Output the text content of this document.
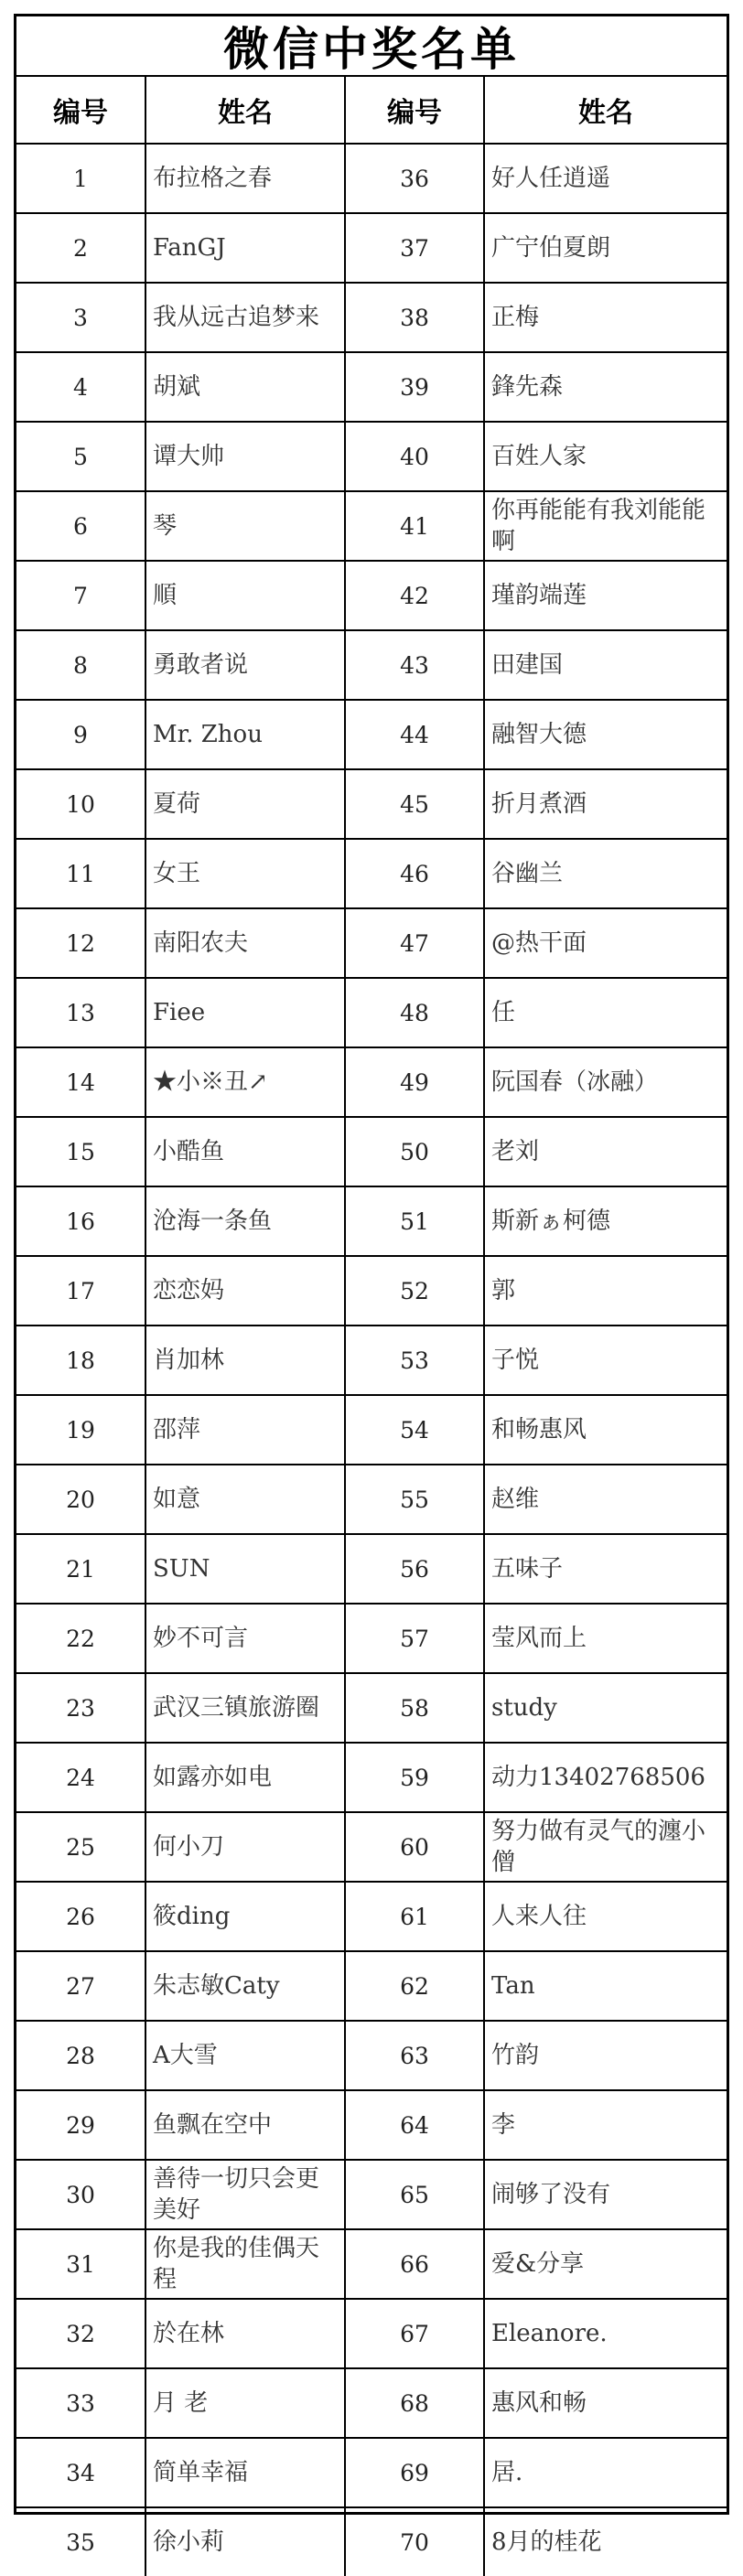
微信中奖名单
编号	姓名	编号	姓名
1	布拉格之春	36	好人任逍遥
2	FanGJ	37	广宁伯夏朗
3	我从远古追梦来	38	正梅
4	胡斌	39	鋒先森
5	谭大帅	40	百姓人家
6	琴	41	你再能能有我刘能能啊
7	順	42	瑾韵端莲
8	勇敢者说	43	田建国
9	Mr. Zhou	44	融智大德
10	夏荷	45	折月煮酒
11	女王	46	谷幽兰
12	南阳农夫	47	@热干面
13	Fiee	48	任
14	★小※丑↗	49	阮国春（冰融）
15	小酷鱼	50	老刘
16	沧海一条鱼	51	斯新ぁ柯德
17	恋恋妈	52	郭
18	肖加林	53	子悦
19	邵萍	54	和畅惠风
20	如意	55	赵维
21	SUN	56	五味子
22	妙不可言	57	莹风而上
23	武汉三镇旅游圈	58	study
24	如露亦如电	59	动力13402768506
25	何小刀	60	努力做有灵气的瀍小僧
26	筱ding	61	人来人往
27	朱志敏Caty	62	Tan
28	A大雪	63	竹韵
29	鱼飘在空中	64	李
30	善待一切只会更美好	65	闹够了没有
31	你是我的佳偶天程	66	爱&分享
32	於在林	67	Eleanore.
33	月 老	68	惠风和畅
34	简单幸福	69	居.
35	徐小莉	70	8月的桂花
